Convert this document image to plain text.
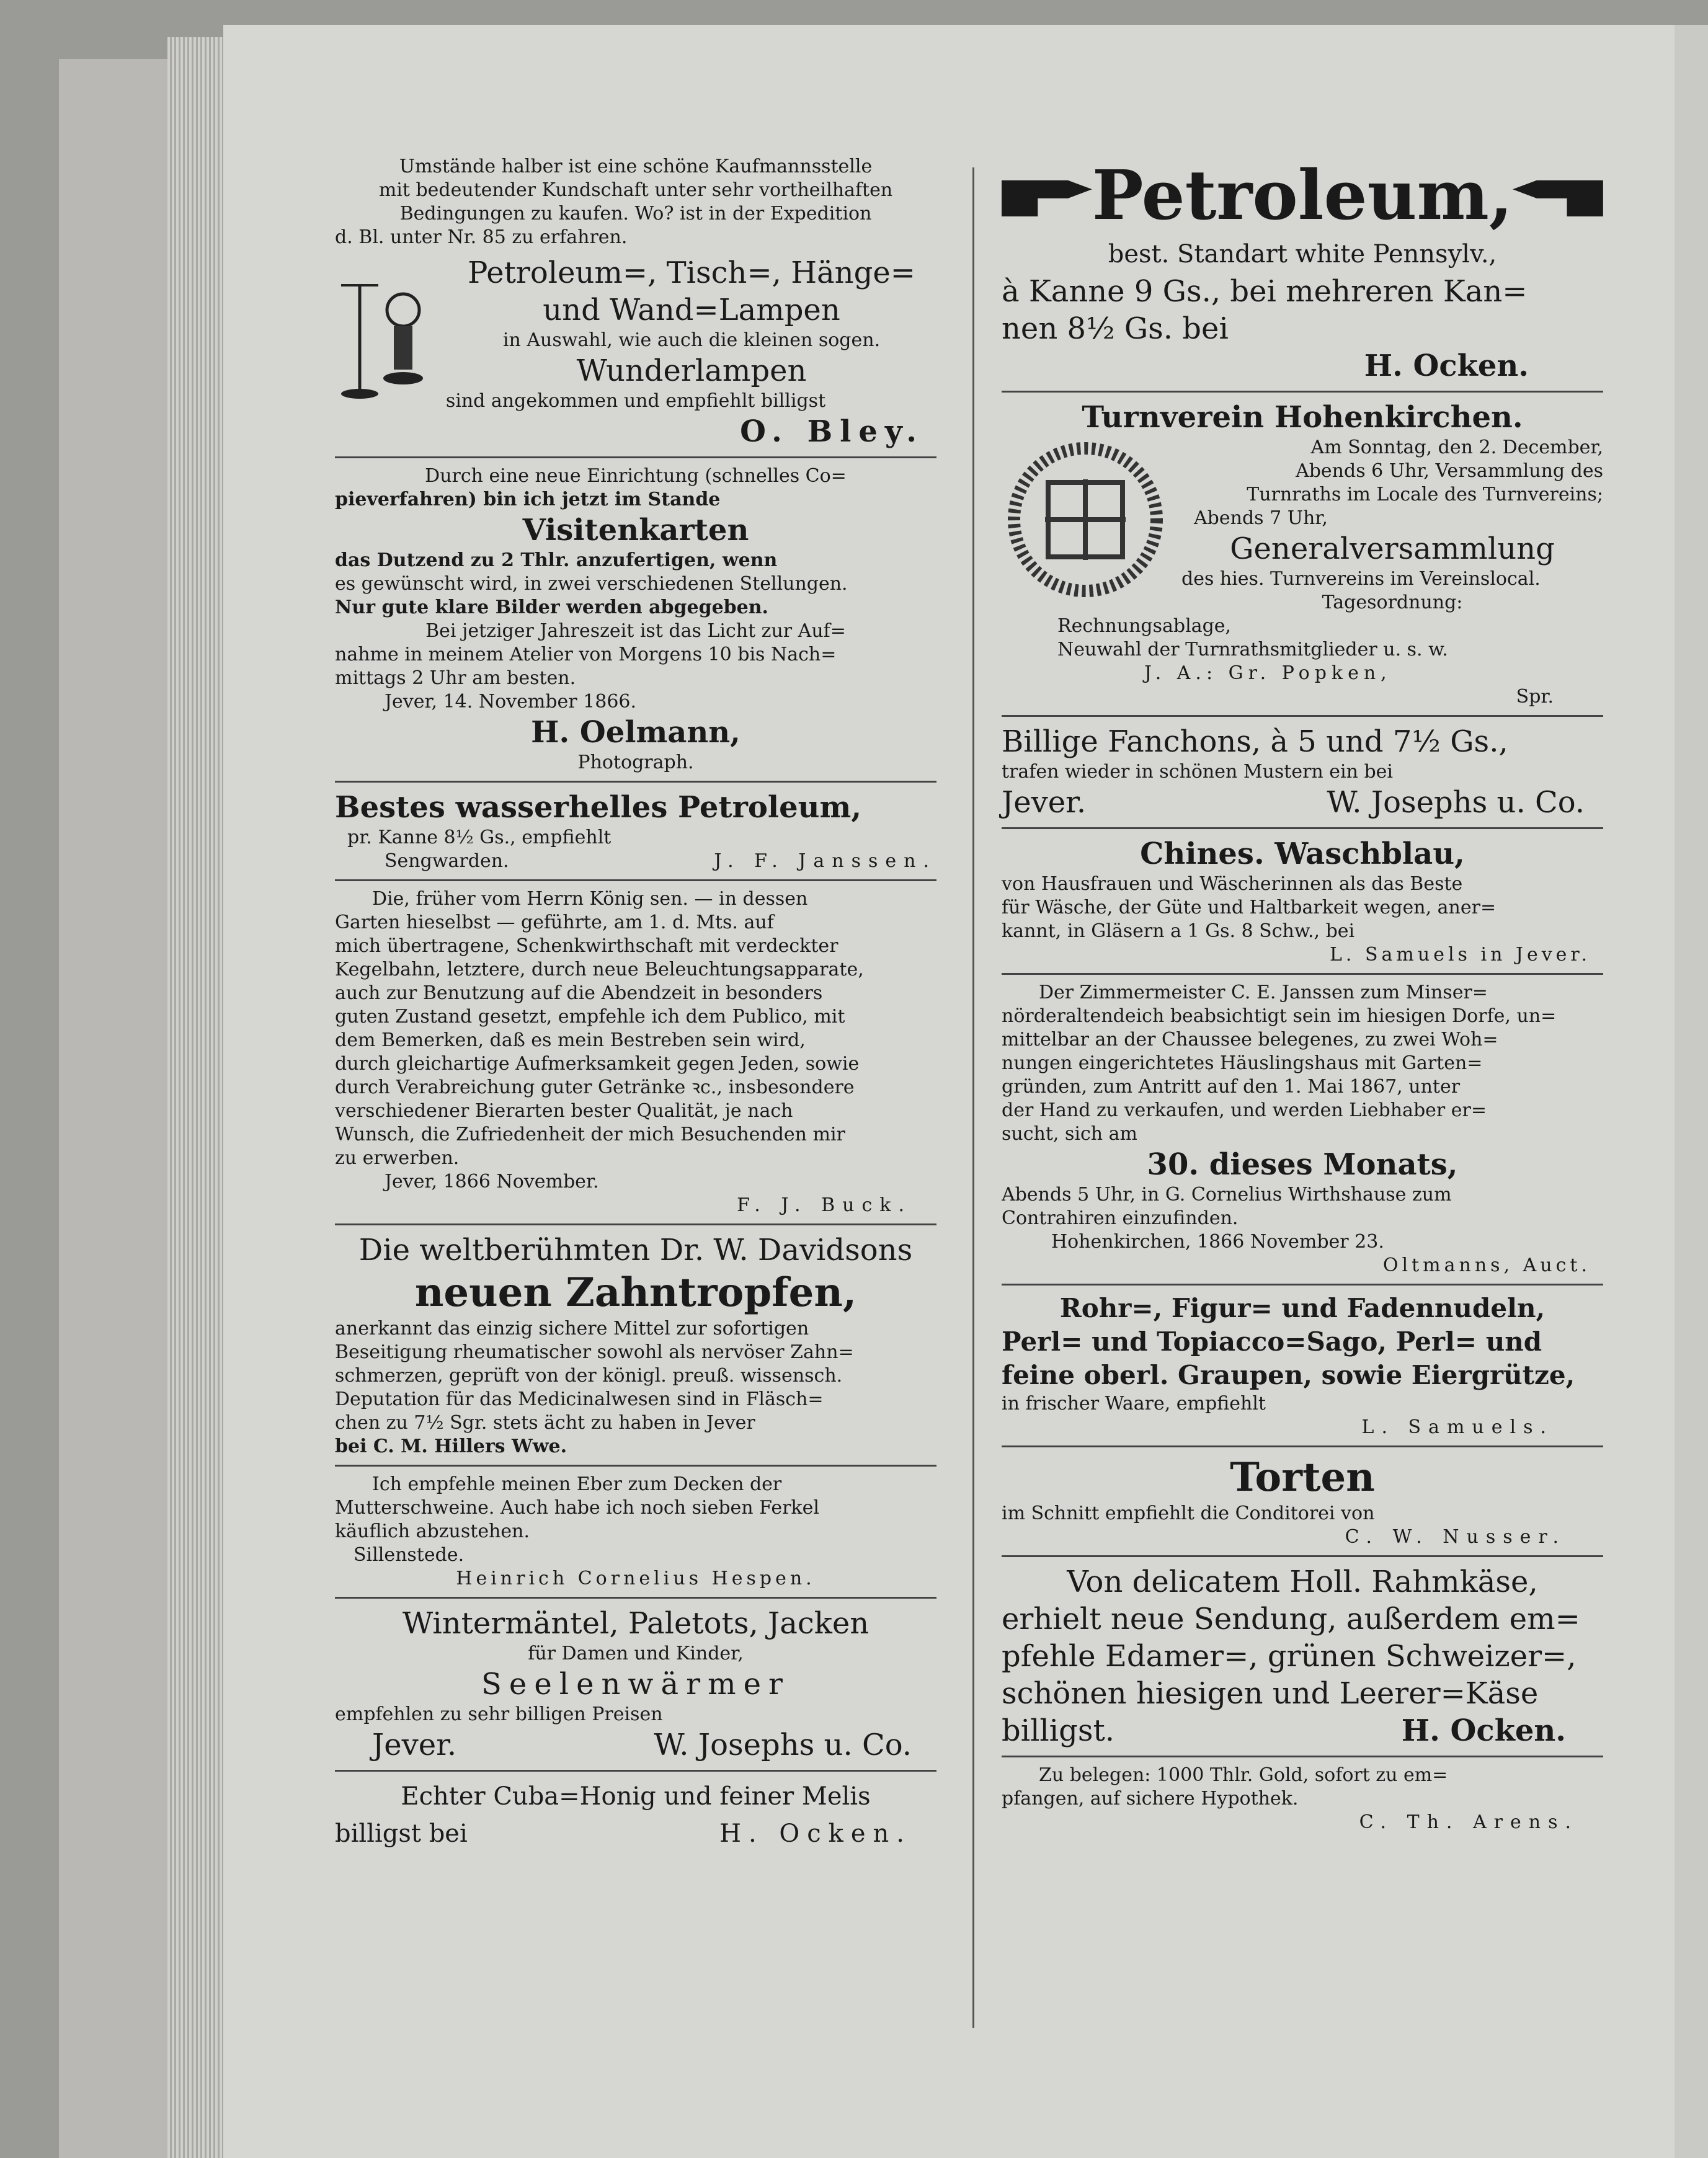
Umstände halber ist eine schöne Kaufmannsstelle

mit bedeutender Kundschaft unter sehr vortheilhaften

Bedingungen zu kaufen. Wo? ist in der Expedition

d. Bl. unter Nr. 85 zu erfahren.

Petroleum=, Tisch=, Hänge=

und Wand=Lampen

in Auswahl, wie auch die kleinen sogen.

Wunderlampen

sind angekommen und empfiehlt billigst

O. Bley.

Durch eine neue Einrichtung (schnelles Co=

pieverfahren) bin ich jetzt im Stande

Visitenkarten

das Dutzend zu 2 Thlr. anzufertigen, wenn

es gewünscht wird, in zwei verschiedenen Stellungen.

Nur gute klare Bilder werden abgegeben.

Bei jetziger Jahreszeit ist das Licht zur Auf=

nahme in meinem Atelier von Morgens 10 bis Nach=

mittags 2 Uhr am besten.

Jever, 14. November 1866.

H. Oelmann,

Photograph.

Bestes wasserhelles Petroleum,

pr. Kanne 8½ Gs., empfiehlt

Sengwarden.	J. F. Janssen.

Die, früher vom Herrn König sen. — in dessen

Garten hieselbst — geführte, am 1. d. Mts. auf

mich übertragene, Schenkwirthschaft mit verdeckter

Kegelbahn, letztere, durch neue Beleuchtungsapparate,

auch zur Benutzung auf die Abendzeit in besonders

guten Zustand gesetzt, empfehle ich dem Publico, mit

dem Bemerken, daß es mein Bestreben sein wird,

durch gleichartige Aufmerksamkeit gegen Jeden, sowie

durch Verabreichung guter Getränke ꝛc., insbesondere

verschiedener Bierarten bester Qualität, je nach

Wunsch, die Zufriedenheit der mich Besuchenden mir

zu erwerben.

Jever, 1866 November.

F. J. Buck.

Die weltberühmten Dr. W. Davidsons

neuen Zahntropfen,

anerkannt das einzig sichere Mittel zur sofortigen

Beseitigung rheumatischer sowohl als nervöser Zahn=

schmerzen, geprüft von der königl. preuß. wissensch.

Deputation für das Medicinalwesen sind in Fläsch=

chen zu 7½ Sgr. stets ächt zu haben in Jever

bei C. M. Hillers Wwe.

Ich empfehle meinen Eber zum Decken der

Mutterschweine. Auch habe ich noch sieben Ferkel

käuflich abzustehen.

Sillenstede.

Heinrich Cornelius Hespen.

Wintermäntel, Paletots, Jacken

für Damen und Kinder,

Seelenwärmer

empfehlen zu sehr billigen Preisen

Jever.	W. Josephs u. Co.

Echter Cuba=Honig und feiner Melis

billigst bei	H. Ocken.
Petroleum,

best. Standart white Pennsylv.,

à Kanne 9 Gs., bei mehreren Kan=

nen 8½ Gs. bei

H. Ocken.

Turnverein Hohenkirchen.

Am Sonntag, den 2. December,

Abends 6 Uhr, Versammlung des

Turnraths im Locale des Turnvereins;

Abends 7 Uhr,

Generalversammlung

des hies. Turnvereins im Vereinslocal.

Tagesordnung:

Rechnungsablage,

Neuwahl der Turnrathsmitglieder u. s. w.

J. A.: Gr. Popken,

Spr.

Billige Fanchons, à 5 und 7½ Gs.,

trafen wieder in schönen Mustern ein bei

Jever.	W. Josephs u. Co.

Chines. Waschblau,

von Hausfrauen und Wäscherinnen als das Beste

für Wäsche, der Güte und Haltbarkeit wegen, aner=

kannt, in Gläsern a 1 Gs. 8 Schw., bei

L. Samuels in Jever.

Der Zimmermeister C. E. Janssen zum Minser=

nörderaltendeich beabsichtigt sein im hiesigen Dorfe, un=

mittelbar an der Chaussee belegenes, zu zwei Woh=

nungen eingerichtetes Häuslingshaus mit Garten=

gründen, zum Antritt auf den 1. Mai 1867, unter

der Hand zu verkaufen, und werden Liebhaber er=

sucht, sich am

30. dieses Monats,

Abends 5 Uhr, in G. Cornelius Wirthshause zum

Contrahiren einzufinden.

Hohenkirchen, 1866 November 23.

Oltmanns, Auct.

Rohr=, Figur= und Fadennudeln,

Perl= und Topiacco=Sago, Perl= und

feine oberl. Graupen, sowie Eiergrütze,

in frischer Waare, empfiehlt

L. Samuels.

Torten

im Schnitt empfiehlt die Conditorei von

C. W. Nusser.

Von delicatem Holl. Rahmkäse,

erhielt neue Sendung, außerdem em=

pfehle Edamer=, grünen Schweizer=,

schönen hiesigen und Leerer=Käse

billigst.	H. Ocken.

Zu belegen: 1000 Thlr. Gold, sofort zu em=

pfangen, auf sichere Hypothek.

C. Th. Arens.
